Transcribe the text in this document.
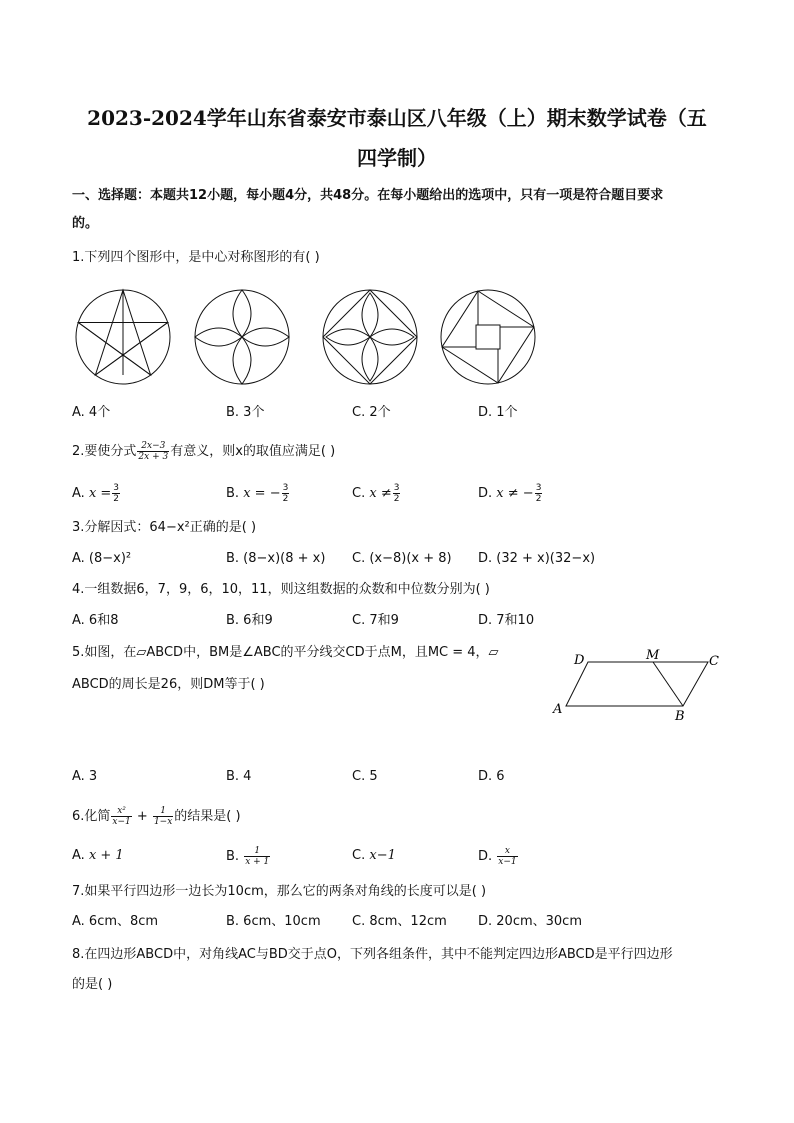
2023-2024学年山东省泰安市泰山区八年级（上）期末数学试卷（五
四学制）
一、选择题：本题共12小题，每小题4分，共48分。在每小题给出的选项中，只有一项是符合题目要求
的。
1.下列四个图形中，是中心对称图形的有( )
A. 4个	B. 3个	C. 2个	D. 1个
2.要使分式 $\frac{2x-3}{2x + 3}$ 有意义，则x的取值应满足( )
A. $x = \frac{3}{2}$	B. x = − $\frac{3}{2}$	C. $x \ne \frac{3}{2}$	D. x ≠ − $\frac{3}{2}$
3.分解因式：64−x²正确的是( )
A. (8−x)²	B. (8−x)(8 + x) C. (x−8)(x + 8) D. (32 + x)(32−x)
4.一组数据6，7，9，6，10，11，则这组数据的众数和中位数分别为( )
A. 6和8	B. 6和9	C. 7和9	D. 7和10
5.如图，在▱ABCD中，BM是∠ABC的平分线交CD于点M，且MC = 4，▱
ABCD的周长是26，则DM等于( )
A
D	M	C
B
A. 3	B. 4	C. 5	D. 6
6.化简 $\frac{\text{x²}}{x-1} + \frac{1}{1-x}$ 的结果是( )
A. x + 1	B. $\frac{1}{x + 1}$	C. x−1	D. $\frac{x}{x-1}$
7.如果平行四边形一边长为10cm，那么它的两条对角线的长度可以是( )
A. 6cm、8cm	B. 6cm、10cm C. 8cm、12cm D. 20cm、30cm
8.在四边形ABCD中，对角线AC与BD交于点O，下列各组条件，其中不能判定四边形ABCD是平行四边形
的是( )
